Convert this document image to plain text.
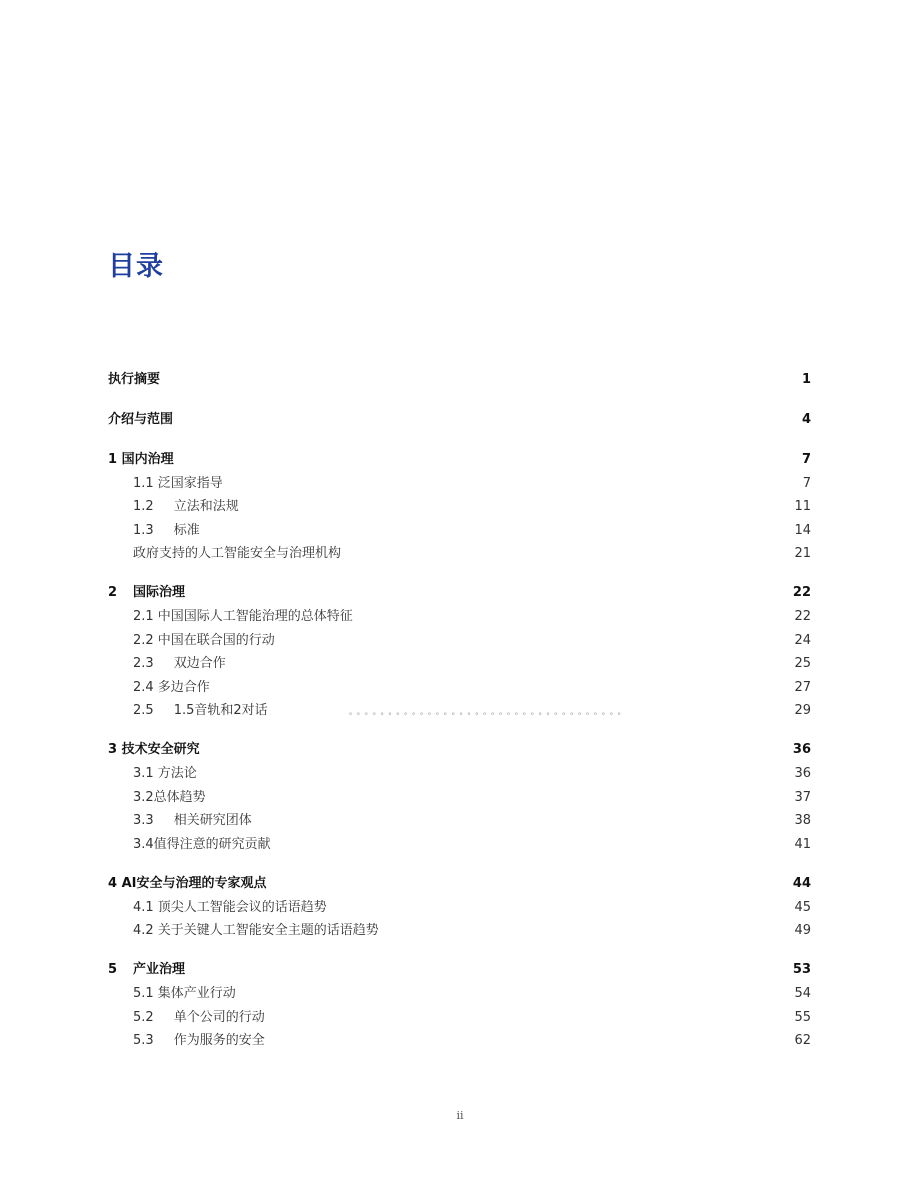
目录
执行摘要	1
介绍与范围	4
1 国内治理	7
1.1 泛国家指导	7
1.2 立法和法规	11
1.3 标准	14
政府支持的人工智能安全与治理机构	21
2 国际治理	22
2.1 中国国际人工智能治理的总体特征	22
2.2 中国在联合国的行动	24
2.3 双边合作	25
2.4 多边合作	27
2.5 1.5音轨和2对话	。。。。。。。。。。。。。。。。。。。。。。。。。。。。。。。。。。。	29
3 技术安全研究	36
3.1 方法论	36
3.2总体趋势	37
3.3 相关研究团体	38
3.4值得注意的研究贡献	41
4 AI安全与治理的专家观点	44
4.1 顶尖人工智能会议的话语趋势	45
4.2 关于关键人工智能安全主题的话语趋势	49
5 产业治理	53
5.1 集体产业行动	54
5.2 单个公司的行动	55
5.3 作为服务的安全	62
ii
